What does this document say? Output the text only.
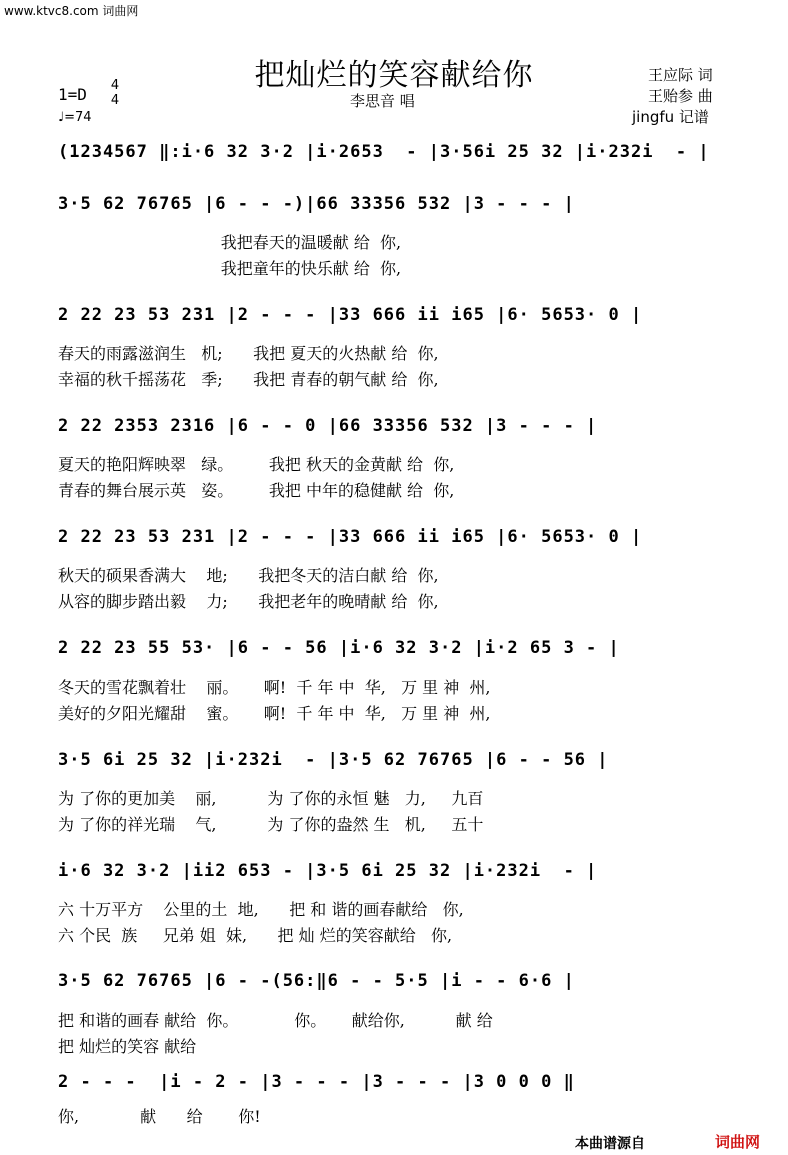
www.ktvc8.com 词曲网
把灿烂的笑容献给你
李思音 唱
王应际 词
王贻参 曲
jingfu 记谱
1=D 4
4
♩=74
(1234567 ‖:i·6 32 3·2 |i·2653  - |3·56i 25 32 |i·232i  - |
3·5 62 76765 |6 - - -)|66 33356 532 |3 - - - |
我把春天的温暖献 给  你,
我把童年的快乐献 给  你,
2 22 23 53 231 |2 - - - |33 666 ii i65 |6· 5653· 0 |
春天的雨露滋润生   机;      我把 夏天的火热献 给  你,
幸福的秋千摇荡花   季;      我把 青春的朝气献 给  你,
2 22 2353 2316 |6 - - 0 |66 33356 532 |3 - - - |
夏天的艳阳辉映翠   绿。       我把 秋天的金黄献 给  你,
青春的舞台展示英   姿。       我把 中年的稳健献 给  你,
2 22 23 53 231 |2 - - - |33 666 ii i65 |6· 5653· 0 |
秋天的硕果香满大    地;      我把冬天的洁白献 给  你,
从容的脚步踏出毅    力;      我把老年的晚晴献 给  你,
2 22 23 55 53· |6 - - 56 |i·6 32 3·2 |i·2 65 3 - |
冬天的雪花飘着壮    丽。     啊!  千 年 中  华,   万 里 神  州,
美好的夕阳光耀甜    蜜。     啊!  千 年 中  华,   万 里 神  州,
3·5 6i 25 32 |i·232i  - |3·5 62 76765 |6 - - 56 |
为 了你的更加美    丽,          为 了你的永恒 魅   力,     九百
为 了你的祥光瑞    气,          为 了你的盎然 生   机,     五十
i·6 32 3·2 |ii2 653 - |3·5 6i 25 32 |i·232i  - |
六 十万平方    公里的土  地,      把 和 谐的画春献给   你,
六 个民  族     兄弟 姐  妹,      把 灿 烂的笑容献给   你,
3·5 62 76765 |6 - -(56:‖6 - - 5·5 |i - - 6·6 |
把 和谐的画春 献给  你。           你。     献给你,          献 给
把 灿烂的笑容 献给
2 - - -  |i - 2 - |3 - - - |3 - - - |3 0 0 0 ‖
你,            献      给       你!
本曲谱源自	词曲网
